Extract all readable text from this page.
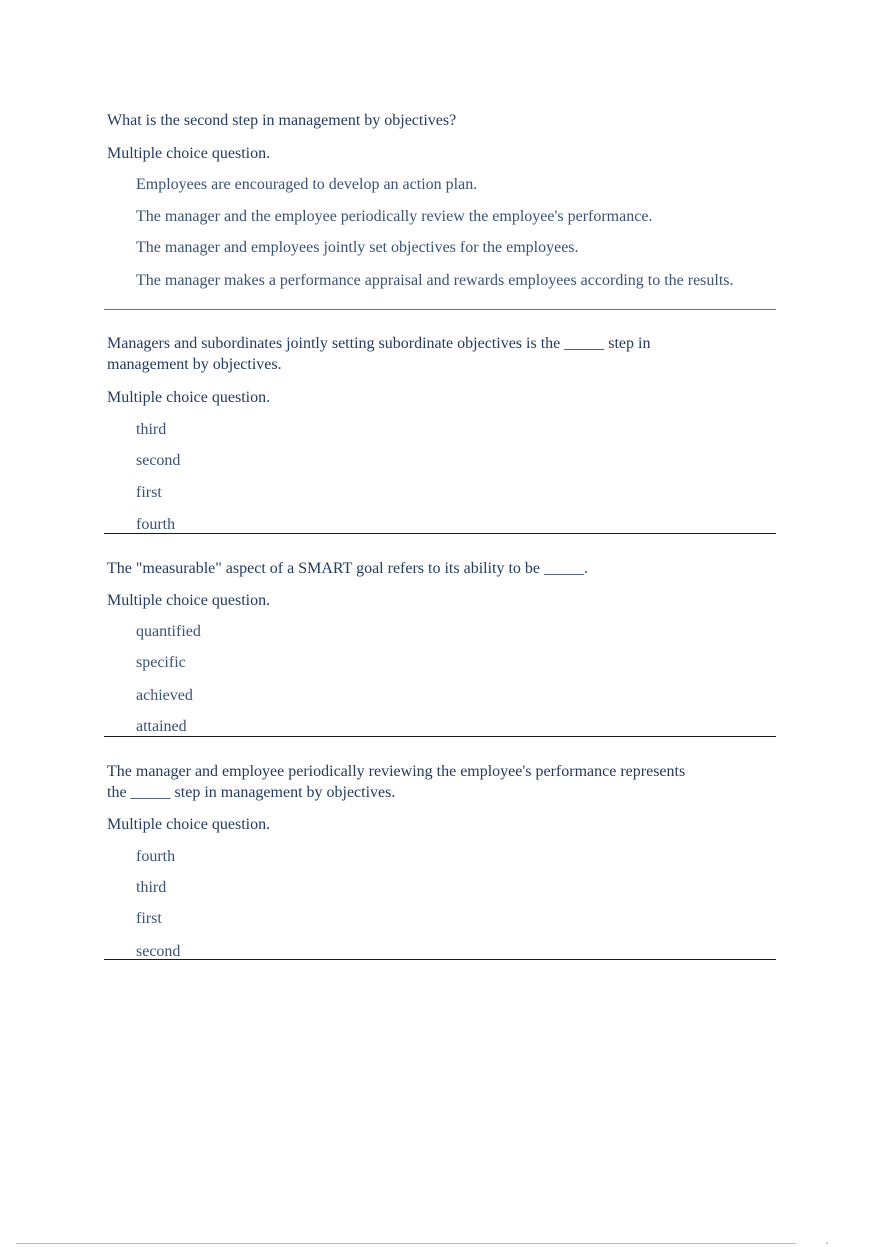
What is the second step in management by objectives?
Multiple choice question.
Employees are encouraged to develop an action plan.
The manager and the employee periodically review the employee's performance.
The manager and employees jointly set objectives for the employees.
The manager makes a performance appraisal and rewards employees according to the results.
Managers and subordinates jointly setting subordinate objectives is the _____ step in management by objectives.
Multiple choice question.
third
second
first
fourth
The "measurable" aspect of a SMART goal refers to its ability to be _____.
Multiple choice question.
quantified
specific
achieved
attained
The manager and employee periodically reviewing the employee's performance represents the _____ step in management by objectives.
Multiple choice question.
fourth
third
first
second
